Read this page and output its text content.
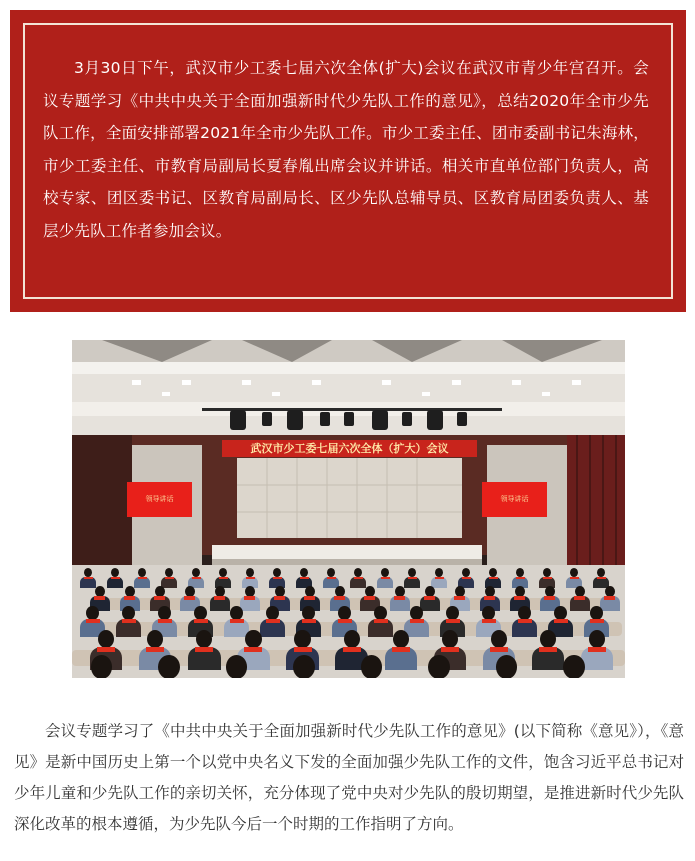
3月30日下午，武汉市少工委七届六次全体(扩大)会议在武汉市青少年宫召开。会议专题学习《中共中央关于全面加强新时代少先队工作的意见》，总结2020年全市少先队工作，全面安排部署2021年全市少先队工作。市少工委主任、团市委副书记朱海林，市少工委主任、市教育局副局长夏春胤出席会议并讲话。相关市直单位部门负责人，高校专家、团区委书记、区教育局副局长、区少先队总辅导员、区教育局团委负责人、基层少先队工作者参加会议。

武汉市少工委七届六次全体（扩大）会议
领导讲话	领导讲话

会议专题学习了《中共中央关于全面加强新时代少先队工作的意见》(以下简称《意见》），《意见》是新中国历史上第一个以党中央名义下发的全面加强少先队工作的文件，饱含习近平总书记对少年儿童和少先队工作的亲切关怀，充分体现了党中央对少先队的殷切期望，是推进新时代少先队深化改革的根本遵循，为少先队今后一个时期的工作指明了方向。
